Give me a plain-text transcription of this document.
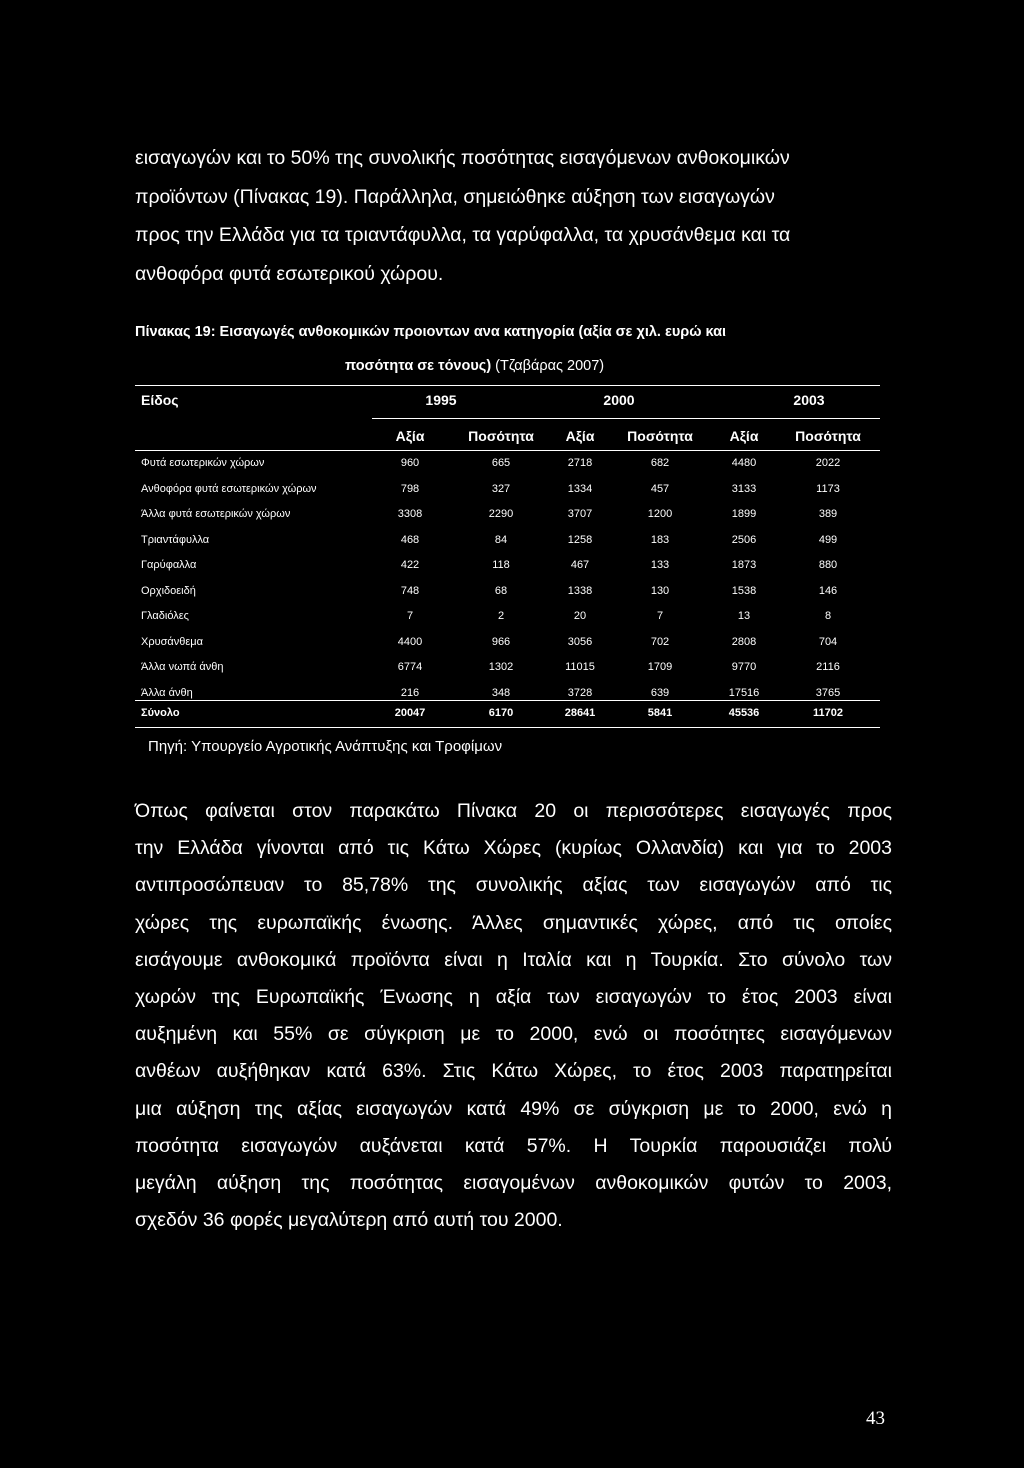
εισαγωγών και το 50% της συνολικής ποσότητας εισαγόμενων ανθοκομικών
προϊόντων (Πίνακας 19). Παράλληλα, σημειώθηκε αύξηση των εισαγωγών
προς την Ελλάδα για τα τριαντάφυλλα, τα γαρύφαλλα, τα χρυσάνθεμα και τα
ανθοφόρα φυτά εσωτερικού χώρου.
Πίνακας 19: Εισαγωγές ανθοκομικών προιοντων ανα κατηγορία (αξία σε χιλ. ευρώ και
ποσότητα σε τόνους) (Τζαβάρας 2007)
Είδος	1995	2000	2003
Αξία	Ποσότητα Αξία Ποσότητα	Αξία	Ποσότητα
Φυτά εσωτερικών χώρων	960	665	2718	682	4480	2022
Ανθοφόρα φυτά εσωτερικών χώρων	798	327	1334	457	3133	1173
Άλλα φυτά εσωτερικών χώρων	3308	2290	3707	1200	1899	389
Τριαντάφυλλα	468	84	1258	183	2506	499
Γαρύφαλλα	422	118	467	133	1873	880
Ορχιδοειδή	748	68	1338	130	1538	146
Γλαδιόλες	7	2	20	7	13	8
Χρυσάνθεμα	4400	966	3056	702	2808	704
Άλλα νωπά άνθη	6774	1302	11015	1709	9770	2116
Άλλα άνθη	216	348	3728	639	17516	3765
Σύνολο	20047	6170	28641	5841	45536	11702
Πηγή: Υπουργείο Αγροτικής Ανάπτυξης και Τροφίμων
Όπως φαίνεται στον παρακάτω Πίνακα 20 οι περισσότερες εισαγωγές προς
την Ελλάδα γίνονται από τις Κάτω Χώρες (κυρίως Ολλανδία) και για το 2003
αντιπροσώπευαν το 85,78% της συνολικής αξίας των εισαγωγών από τις
χώρες της ευρωπαϊκής ένωσης. Άλλες σημαντικές χώρες, από τις οποίες
εισάγουμε ανθοκομικά προϊόντα είναι η Ιταλία και η Τουρκία. Στο σύνολο των
χωρών της Ευρωπαϊκής Ένωσης η αξία των εισαγωγών το έτος 2003 είναι
αυξημένη και 55% σε σύγκριση με το 2000, ενώ οι ποσότητες εισαγόμενων
ανθέων αυξήθηκαν κατά 63%. Στις Κάτω Χώρες, το έτος 2003 παρατηρείται
μια αύξηση της αξίας εισαγωγών κατά 49% σε σύγκριση με το 2000, ενώ η
ποσότητα εισαγωγών αυξάνεται κατά 57%. Η Τουρκία παρουσιάζει πολύ
μεγάλη αύξηση της ποσότητας εισαγομένων ανθοκομικών φυτών το 2003,
σχεδόν 36 φορές μεγαλύτερη από αυτή του 2000.
43
